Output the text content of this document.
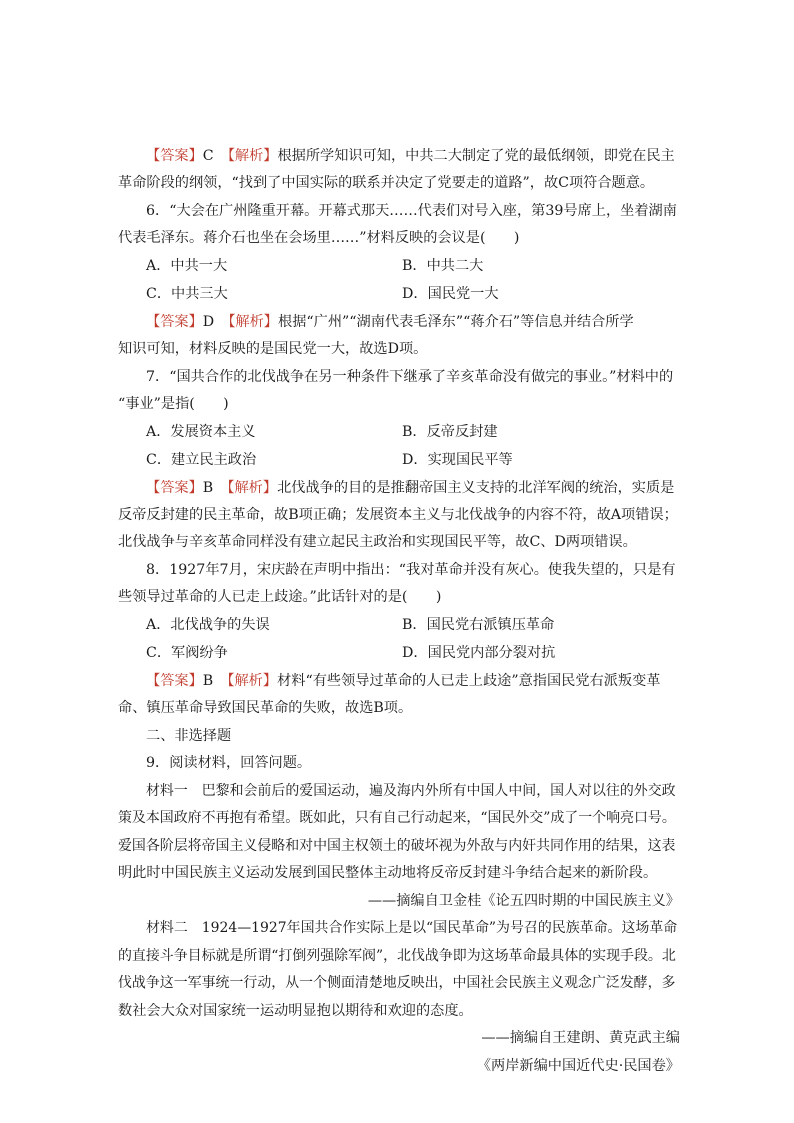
【答案】C　 【解析】根据所学知识可知，中共二大制定了党的最低纲领，即党在民主
革命阶段的纲领，“找到了中国实际的联系并决定了党要走的道路”，故C项符合题意。
6．“大会在广州隆重开幕。开幕式那天……代表们对号入座，第39号席上，坐着湖南
代表毛泽东。蒋介石也坐在会场里……”材料反映的会议是(　　)
A．中共一大	B．中共二大
C．中共三大	D．国民党一大
【答案】D　 【解析】根据“广州”“湖南代表毛泽东”“蒋介石”等信息并结合所学
知识可知，材料反映的是国民党一大，故选D项。
7．“国共合作的北伐战争在另一种条件下继承了辛亥革命没有做完的事业。”材料中的
“事业”是指(　　)
A．发展资本主义	B．反帝反封建
C．建立民主政治	D．实现国民平等
【答案】B　 【解析】北伐战争的目的是推翻帝国主义支持的北洋军阀的统治，实质是
反帝反封建的民主革命，故B项正确；发展资本主义与北伐战争的内容不符，故A项错误；
北伐战争与辛亥革命同样没有建立起民主政治和实现国民平等，故C、D两项错误。
8．1927年7月，宋庆龄在声明中指出：“我对革命并没有灰心。使我失望的，只是有
些领导过革命的人已走上歧途。”此话针对的是(　　)
A．北伐战争的失误	B．国民党右派镇压革命
C．军阀纷争	D．国民党内部分裂对抗
【答案】B　 【解析】材料“有些领导过革命的人已走上歧途”意指国民党右派叛变革
命、镇压革命导致国民革命的失败，故选B项。
二、非选择题
9．阅读材料，回答问题。
材料一　巴黎和会前后的爱国运动，遍及海内外所有中国人中间，国人对以往的外交政
策及本国政府不再抱有希望。既如此，只有自己行动起来，“国民外交”成了一个响亮口号。
爱国各阶层将帝国主义侵略和对中国主权领土的破坏视为外敌与内奸共同作用的结果，这表
明此时中国民族主义运动发展到国民整体主动地将反帝反封建斗争结合起来的新阶段。
——摘编自卫金桂《论五四时期的中国民族主义》
材料二　1924—1927年国共合作实际上是以“国民革命”为号召的民族革命。这场革命
的直接斗争目标就是所谓“打倒列强除军阀”，北伐战争即为这场革命最具体的实现手段。北
伐战争这一军事统一行动，从一个侧面清楚地反映出，中国社会民族主义观念广泛发酵，多
数社会大众对国家统一运动明显抱以期待和欢迎的态度。
——摘编自王建朗、黄克武主编
《两岸新编中国近代史·民国卷》
